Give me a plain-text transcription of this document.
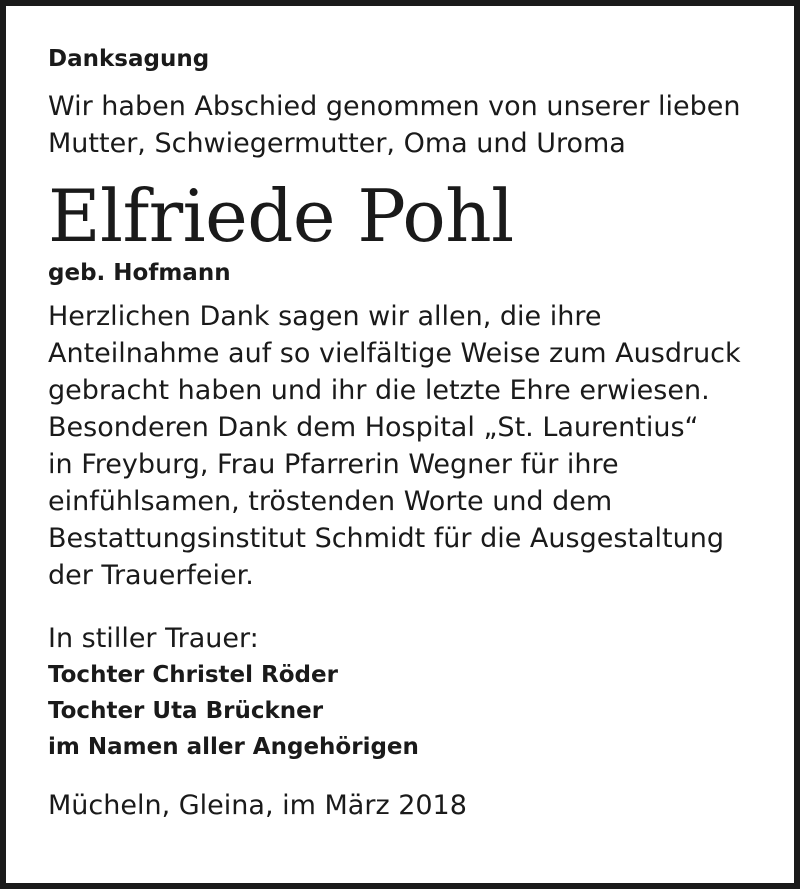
Danksagung

Wir haben Abschied genommen von unserer lieben
Mutter, Schwiegermutter, Oma und Uroma

Elfriede Pohl

geb. Hofmann

Herzlichen Dank sagen wir allen, die ihre
Anteilnahme auf so vielfältige Weise zum Ausdruck
gebracht haben und ihr die letzte Ehre erwiesen.
Besonderen Dank dem Hospital „St. Laurentius“
in Freyburg, Frau Pfarrerin Wegner für ihre
einfühlsamen, tröstenden Worte und dem
Bestattungsinstitut Schmidt für die Ausgestaltung
der Trauerfeier.

In stiller Trauer:

Tochter Christel Röder
Tochter Uta Brückner
im Namen aller Angehörigen

Mücheln, Gleina, im März 2018
